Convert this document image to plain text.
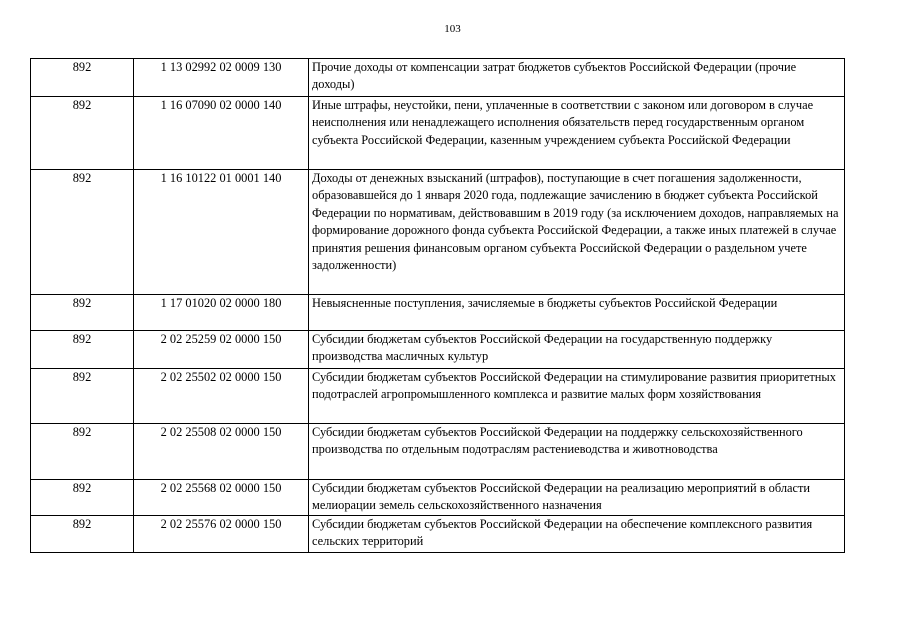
103
892	1 13 02992 02 0009 130	Прочие доходы от компенсации затрат бюджетов субъектов Российской Федерации (прочие доходы)
892	1 16 07090 02 0000 140	Иные штрафы, неустойки, пени, уплаченные в соответствии с законом или договором в случае неисполнения или ненадлежащего исполнения обязательств перед государственным органом субъекта Российской Федерации, казенным учреждением субъекта Российской Федерации
892	1 16 10122 01 0001 140	Доходы от денежных взысканий (штрафов), поступающие в счет погашения задолженности, образовавшейся до 1 января 2020 года, подлежащие зачислению в бюджет субъекта Российской Федерации по нормативам, действовавшим в 2019 году (за исключением доходов, направляемых на формирование дорожного фонда субъекта Российской Федерации, а также иных платежей в случае принятия решения финансовым органом субъекта Российской Федерации о раздельном учете задолженности)
892	1 17 01020 02 0000 180	Невыясненные поступления, зачисляемые в бюджеты субъектов Российской Федерации
892	2 02 25259 02 0000 150	Субсидии бюджетам субъектов Российской Федерации на государственную поддержку производства масличных культур
892	2 02 25502 02 0000 150	Субсидии бюджетам субъектов Российской Федерации на стимулирование развития приоритетных подотраслей агропромышленного комплекса и развитие малых форм хозяйствования
892	2 02 25508 02 0000 150	Субсидии бюджетам субъектов Российской Федерации на поддержку сельскохозяйственного производства по отдельным подотраслям растениеводства и животноводства
892	2 02 25568 02 0000 150	Субсидии бюджетам субъектов Российской Федерации на реализацию мероприятий в области мелиорации земель сельскохозяйственного назначения
892	2 02 25576 02 0000 150	Субсидии бюджетам субъектов Российской Федерации на обеспечение комплексного развития сельских территорий
